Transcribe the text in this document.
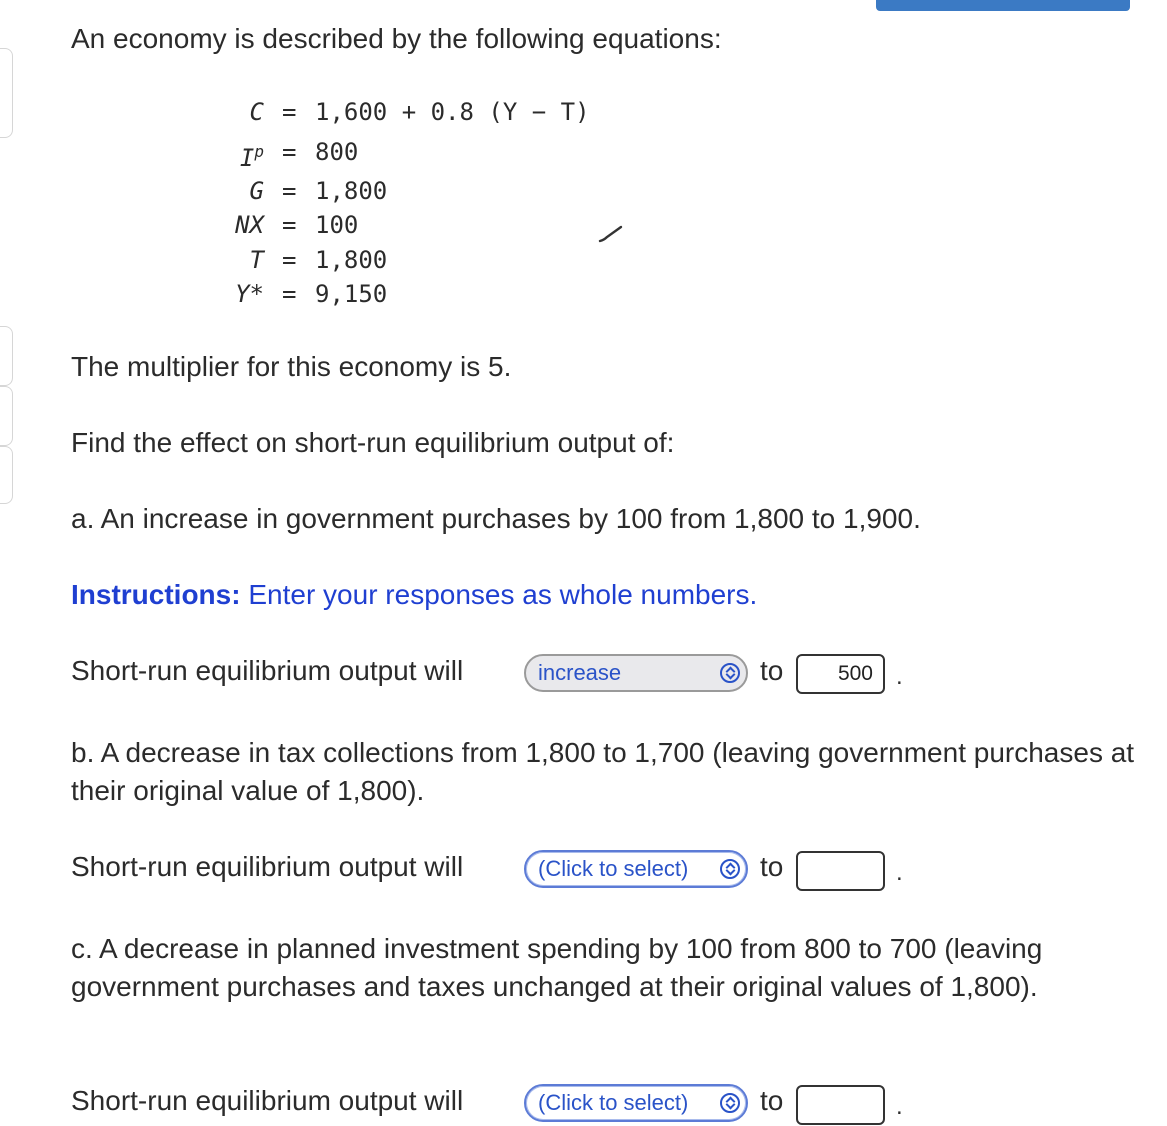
An economy is described by the following equations:
C = 1,600 + 0.8 (Y − T)
$I^p = 800$
G = 1,800
NX = 100
T = 1,800
Y* = 9,150
The multiplier for this economy is 5.
Find the effect on short-run equilibrium output of:
a. An increase in government purchases by 100 from 1,800 to 1,900.
Instructions: Enter your responses as whole numbers.
Short-run equilibrium output will	increase	to	500 .
b. A decrease in tax collections from 1,800 to 1,700 (leaving government purchases at their original value of 1,800).
Short-run equilibrium output will	(Click to select)	to	.
c. A decrease in planned investment spending by 100 from 800 to 700 (leaving government purchases and taxes unchanged at their original values of 1,800).
Short-run equilibrium output will	(Click to select)	to	.
